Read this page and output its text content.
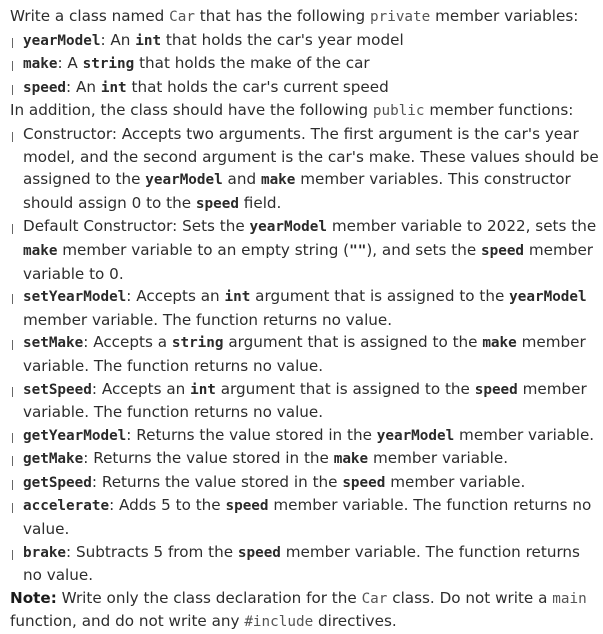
Write a class named Car that has the following private member variables:

yearModel: An int that holds the car's year model
make: A string that holds the make of the car
speed: An int that holds the car's current speed

In addition, the class should have the following public member functions:

Constructor: Accepts two arguments. The first argument is the car's year model, and the second argument is the car's make. These values should be assigned to the yearModel and make member variables. This constructor should assign 0 to the speed field.
Default Constructor: Sets the yearModel member variable to 2022, sets the make member variable to an empty string (""), and sets the speed member variable to 0.
setYearModel: Accepts an int argument that is assigned to the yearModel member variable. The function returns no value.
setMake: Accepts a string argument that is assigned to the make member variable. The function returns no value.
setSpeed: Accepts an int argument that is assigned to the speed member variable. The function returns no value.
getYearModel: Returns the value stored in the yearModel member variable.
getMake: Returns the value stored in the make member variable.
getSpeed: Returns the value stored in the speed member variable.
accelerate: Adds 5 to the speed member variable. The function returns no value.
brake: Subtracts 5 from the speed member variable. The function returns no value.

Note: Write only the class declaration for the Car class. Do not write a main function, and do not write any #include directives.
